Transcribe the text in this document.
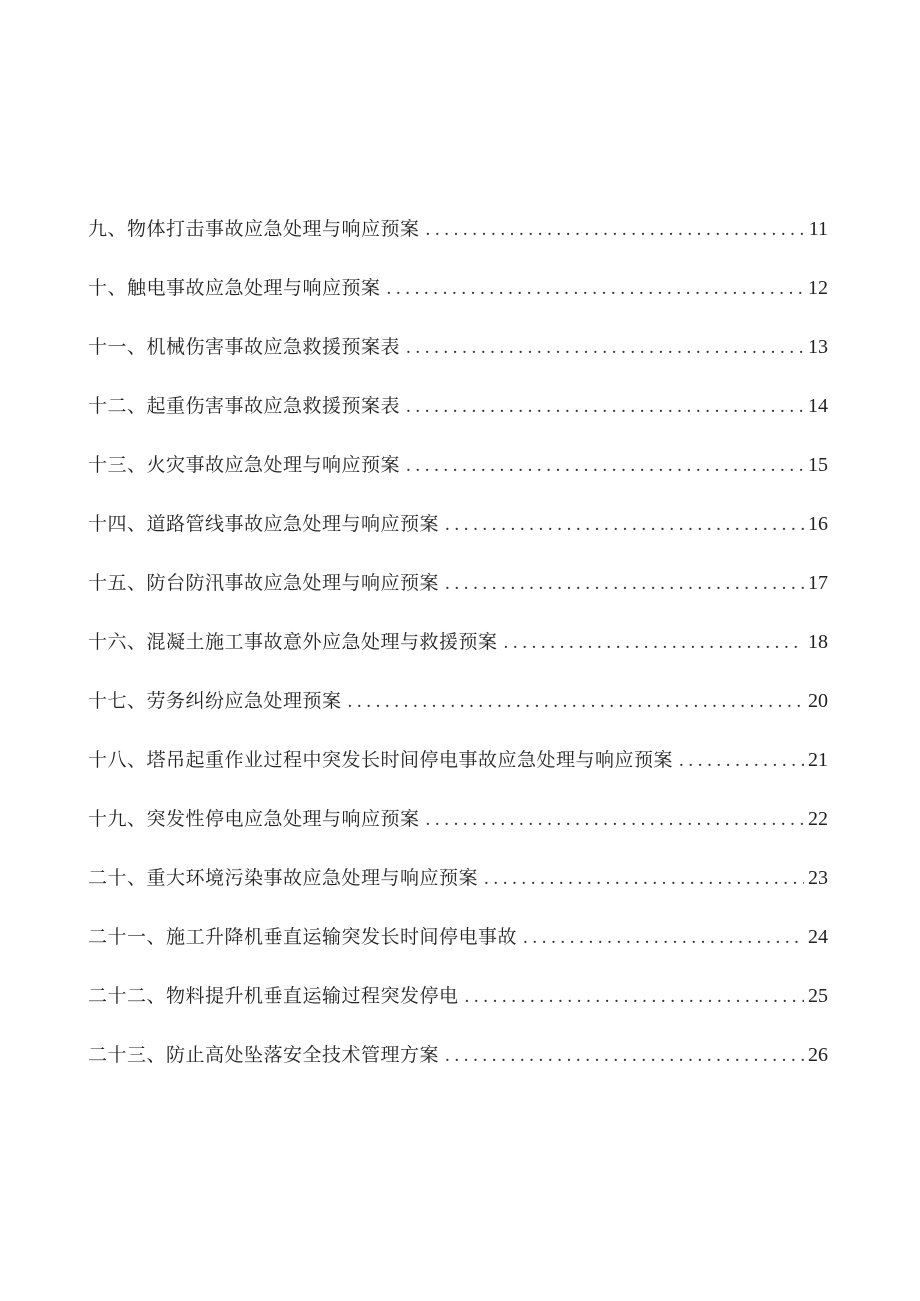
九、物体打击事故应急处理与响应预案 .....	11
十、触电事故应急处理与响应预案 .....	12
十一、机械伤害事故应急救援预案表 .....	13
十二、起重伤害事故应急救援预案表 .....	14
十三、火灾事故应急处理与响应预案 .....	15
十四、道路管线事故应急处理与响应预案 .....	16
十五、防台防汛事故应急处理与响应预案 .....	17
十六、混凝土施工事故意外应急处理与救援预案 .....	18
十七、劳务纠纷应急处理预案 .....	20
十八、塔吊起重作业过程中突发长时间停电事故应急处理与响应预案 .....	21
十九、突发性停电应急处理与响应预案 .....	22
二十、重大环境污染事故应急处理与响应预案 .....	23
二十一、施工升降机垂直运输突发长时间停电事故 .....	24
二十二、物料提升机垂直运输过程突发停电 .....	25
二十三、防止高处坠落安全技术管理方案 .....	26
